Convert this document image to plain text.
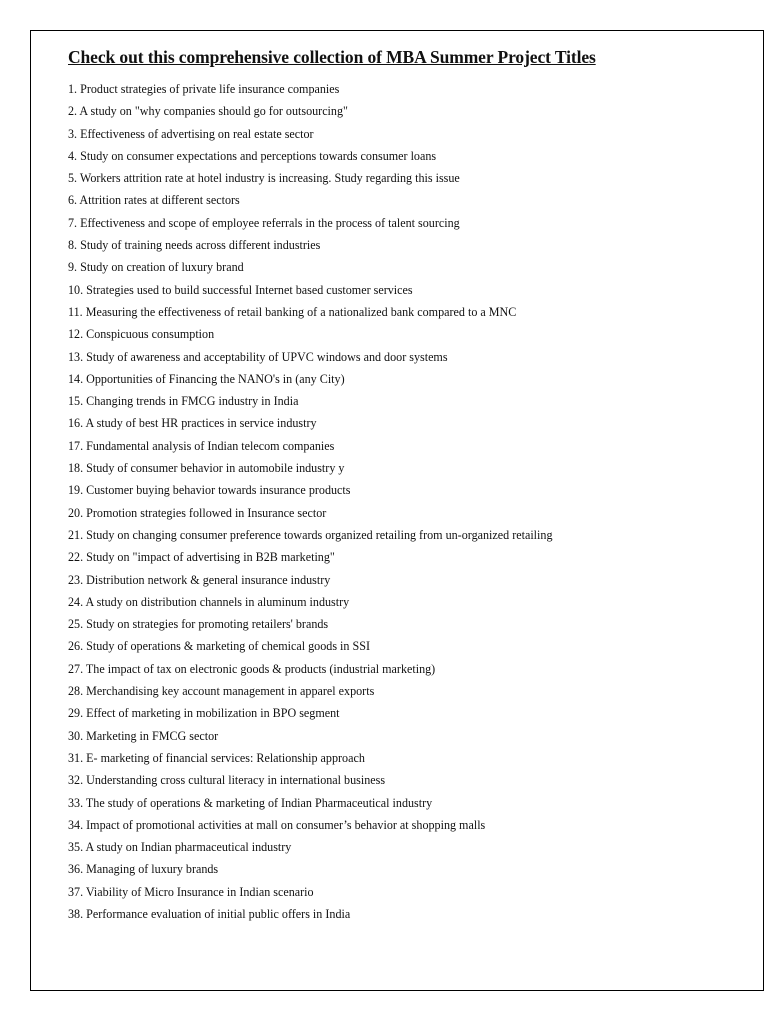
Check out this comprehensive collection of MBA Summer Project Titles
1. Product strategies of private life insurance companies
2. A study on "why companies should go for outsourcing"
3. Effectiveness of advertising on real estate sector
4. Study on consumer expectations and perceptions towards consumer loans
5. Workers attrition rate at hotel industry is increasing. Study regarding this issue
6. Attrition rates at different sectors
7. Effectiveness and scope of employee referrals in the process of talent sourcing
8. Study of training needs across different industries
9. Study on creation of luxury brand
10. Strategies used to build successful Internet based customer services
11. Measuring the effectiveness of retail banking of a nationalized bank compared to a MNC
12. Conspicuous consumption
13. Study of awareness and acceptability of UPVC windows and door systems
14. Opportunities of Financing the NANO's in (any City)
15. Changing trends in FMCG industry in India
16. A study of best HR practices in service industry
17. Fundamental analysis of Indian telecom companies
18. Study of consumer behavior in automobile industry y
19. Customer buying behavior towards insurance products
20. Promotion strategies followed in Insurance sector
21. Study on changing consumer preference towards organized retailing from un-organized retailing
22. Study on "impact of advertising in B2B marketing"
23. Distribution network & general insurance industry
24. A study on distribution channels in aluminum industry
25. Study on strategies for promoting retailers' brands
26. Study of operations & marketing of chemical goods in SSI
27. The impact of tax on electronic goods & products (industrial marketing)
28. Merchandising key account management in apparel exports
29. Effect of marketing in mobilization in BPO segment
30. Marketing in FMCG sector
31. E- marketing of financial services: Relationship approach
32. Understanding cross cultural literacy in international business
33. The study of operations & marketing of Indian Pharmaceutical industry
34. Impact of promotional activities at mall on consumer’s behavior at shopping malls
35. A study on Indian pharmaceutical industry
36. Managing of luxury brands
37. Viability of Micro Insurance in Indian scenario
38. Performance evaluation of initial public offers in India
